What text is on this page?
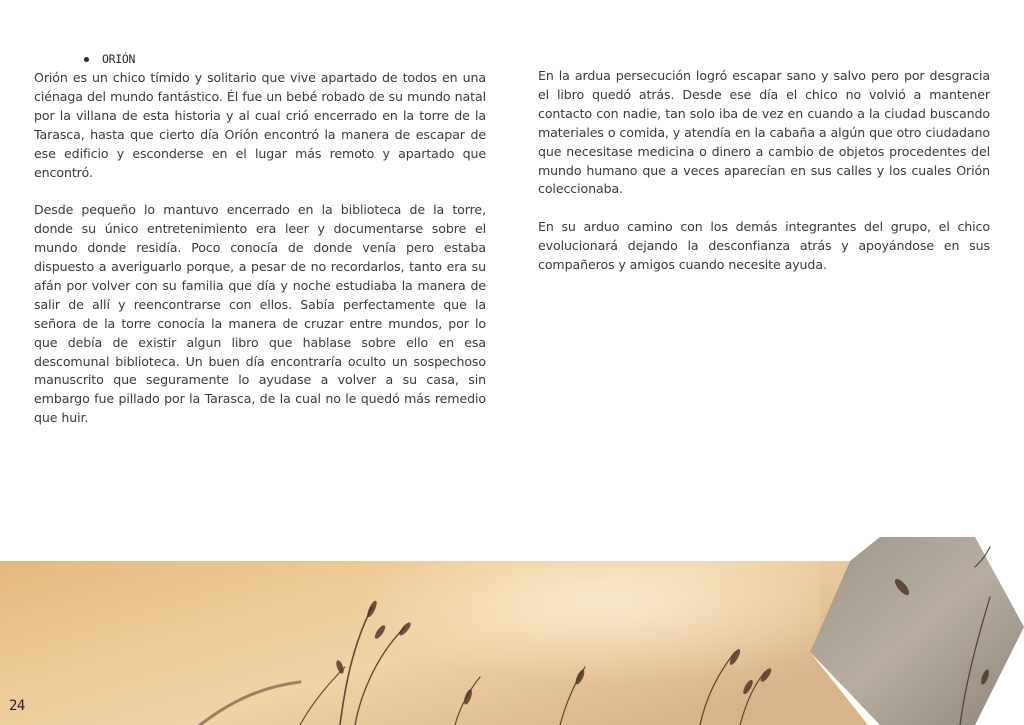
ORIÓN

Orión es un chico tímido y solitario que vive apartado de todos en una ciénaga del mundo fantástico. Él fue un bebé robado de su mundo natal por la villana de esta historia y al cual crió encerrado en la torre de la Tarasca, hasta que cierto día Orión encontró la manera de escapar de ese edificio y esconderse en el lugar más remoto y apartado que encontró.

Desde pequeño lo mantuvo encerrado en la biblioteca de la torre, donde su único entretenimiento era leer y documentarse sobre el mundo donde residía. Poco conocía de donde venía pero estaba dispuesto a averiguarlo porque, a pesar de no recordarlos, tanto era su afán por volver con su familia que día y noche estudiaba la manera de salir de allí y reencontrarse con ellos. Sabía perfectamente que la señora de la torre conocía la manera de cruzar entre mundos, por lo que debía de existir algun libro que hablase sobre ello en esa descomunal biblioteca. Un buen día encontraría oculto un sospechoso manuscrito que seguramente lo ayudase a volver a su casa, sin embargo fue pillado por la Tarasca, de la cual no le quedó más remedio que huir.

En la ardua persecución logró escapar sano y salvo pero por desgracia el libro quedó atrás. Desde ese día el chico no volvió a mantener contacto con nadie, tan solo iba de vez en cuando a la ciudad buscando materiales o comida, y atendía en la cabaña a algún que otro ciudadano que necesitase medicina o dinero a cambio de objetos procedentes del mundo humano que a veces aparecían en sus calles y los cuales Orión coleccionaba.

En su arduo camino con los demás integrantes del grupo, el chico evolucionará dejando la desconfianza atrás y apoyándose en sus compañeros y amigos cuando necesite ayuda.

24
